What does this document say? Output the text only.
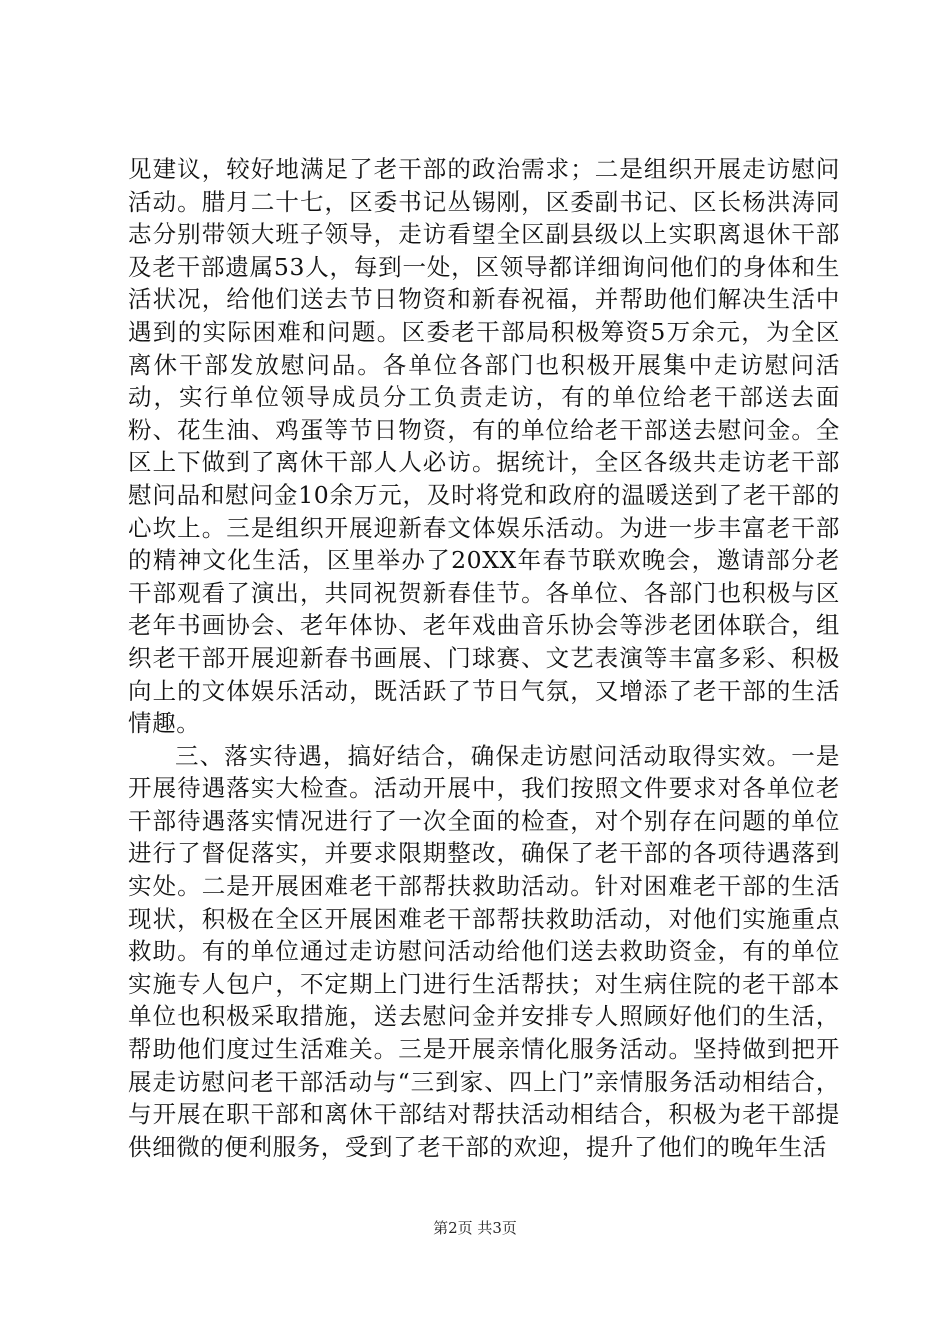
见建议，较好地满足了老干部的政治需求；二是组织开展走访慰问活动。腊月二十七，区委书记丛锡刚，区委副书记、区长杨洪涛同志分别带领大班子领导，走访看望全区副县级以上实职离退休干部及老干部遗属53人，每到一处，区领导都详细询问他们的身体和生活状况，给他们送去节日物资和新春祝福，并帮助他们解决生活中遇到的实际困难和问题。区委老干部局积极筹资5万余元，为全区离休干部发放慰问品。各单位各部门也积极开展集中走访慰问活动，实行单位领导成员分工负责走访，有的单位给老干部送去面粉、花生油、鸡蛋等节日物资，有的单位给老干部送去慰问金。全区上下做到了离休干部人人必访。据统计，全区各级共走访老干部慰问品和慰问金10余万元，及时将党和政府的温暖送到了老干部的心坎上。三是组织开展迎新春文体娱乐活动。为进一步丰富老干部的精神文化生活，区里举办了20XX年春节联欢晚会，邀请部分老干部观看了演出，共同祝贺新春佳节。各单位、各部门也积极与区老年书画协会、老年体协、老年戏曲音乐协会等涉老团体联合，组织老干部开展迎新春书画展、门球赛、文艺表演等丰富多彩、积极向上的文体娱乐活动，既活跃了节日气氛，又增添了老干部的生活情趣。

三、落实待遇，搞好结合，确保走访慰问活动取得实效。一是开展待遇落实大检查。活动开展中，我们按照文件要求对各单位老干部待遇落实情况进行了一次全面的检查，对个别存在问题的单位进行了督促落实，并要求限期整改，确保了老干部的各项待遇落到实处。二是开展困难老干部帮扶救助活动。针对困难老干部的生活现状，积极在全区开展困难老干部帮扶救助活动，对他们实施重点救助。有的单位通过走访慰问活动给他们送去救助资金，有的单位实施专人包户，不定期上门进行生活帮扶；对生病住院的老干部本单位也积极采取措施，送去慰问金并安排专人照顾好他们的生活，帮助他们度过生活难关。三是开展亲情化服务活动。坚持做到把开展走访慰问老干部活动与“三到家、四上门”亲情服务活动相结合，与开展在职干部和离休干部结对帮扶活动相结合，积极为老干部提供细微的便利服务，受到了老干部的欢迎，提升了他们的晚年生活

第2页 共3页
